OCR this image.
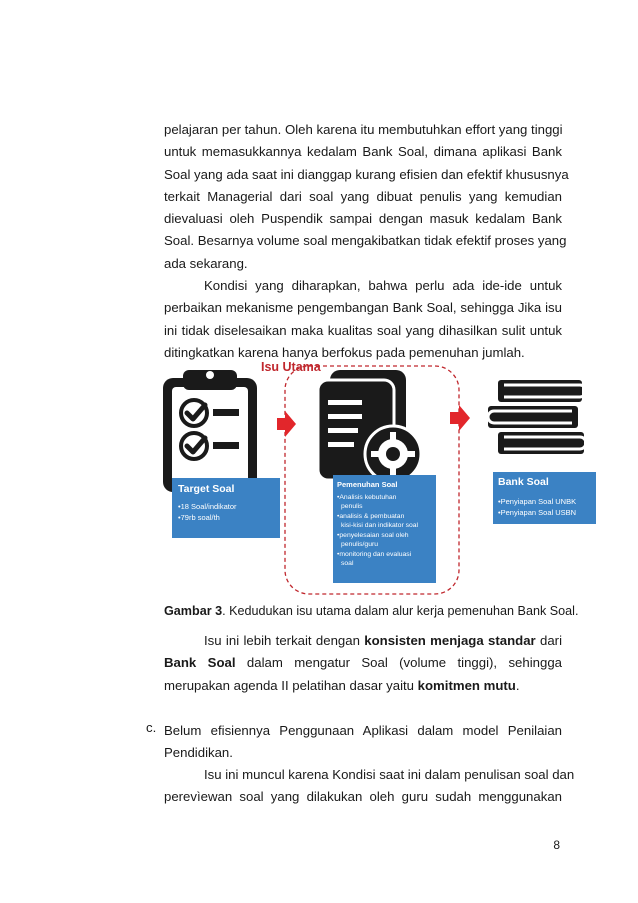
pelajaran per tahun. Oleh karena itu membutuhkan effort yang tinggi
untuk memasukkannya kedalam Bank Soal, dimana aplikasi Bank
Soal yang ada saat ini dianggap kurang efisien dan efektif khususnya
terkait Managerial dari soal yang dibuat penulis yang kemudian
dievaluasi oleh Puspendik sampai dengan masuk kedalam Bank
Soal. Besarnya volume soal mengakibatkan tidak efektif proses yang
ada sekarang.
Kondisi yang diharapkan, bahwa perlu ada ide-ide untuk
perbaikan mekanisme pengembangan Bank Soal, sehingga Jika isu
ini tidak diselesaikan maka kualitas soal yang dihasilkan sulit untuk
ditingkatkan karena hanya berfokus pada pemenuhan jumlah.
Isu Utama
Target Soal
•18 Soal/indikator
•79rb soal/th
Pemenuhan Soal
•Analisis kebutuhan
penulis
•analisis & pembuatan
kisi-kisi dan indikator soal
•penyelesaian soal oleh
penulis/guru
•monitoring dan evaluasi
soal
Bank Soal
•Penyiapan Soal UNBK
•Penyiapan Soal USBN
Gambar 3. Kedudukan isu utama dalam alur kerja pemenuhan Bank Soal.
Isu ini lebih terkait dengan konsisten menjaga standar dari
Bank Soal dalam mengatur Soal (volume tinggi), sehingga
merupakan agenda II pelatihan dasar yaitu komitmen mutu.
c. Belum efisiennya Penggunaan Aplikasi dalam model Penilaian
Pendidikan.
Isu ini muncul karena Kondisi saat ini dalam penulisan soal dan
perevìewan soal yang dilakukan oleh guru sudah menggunakan
8
